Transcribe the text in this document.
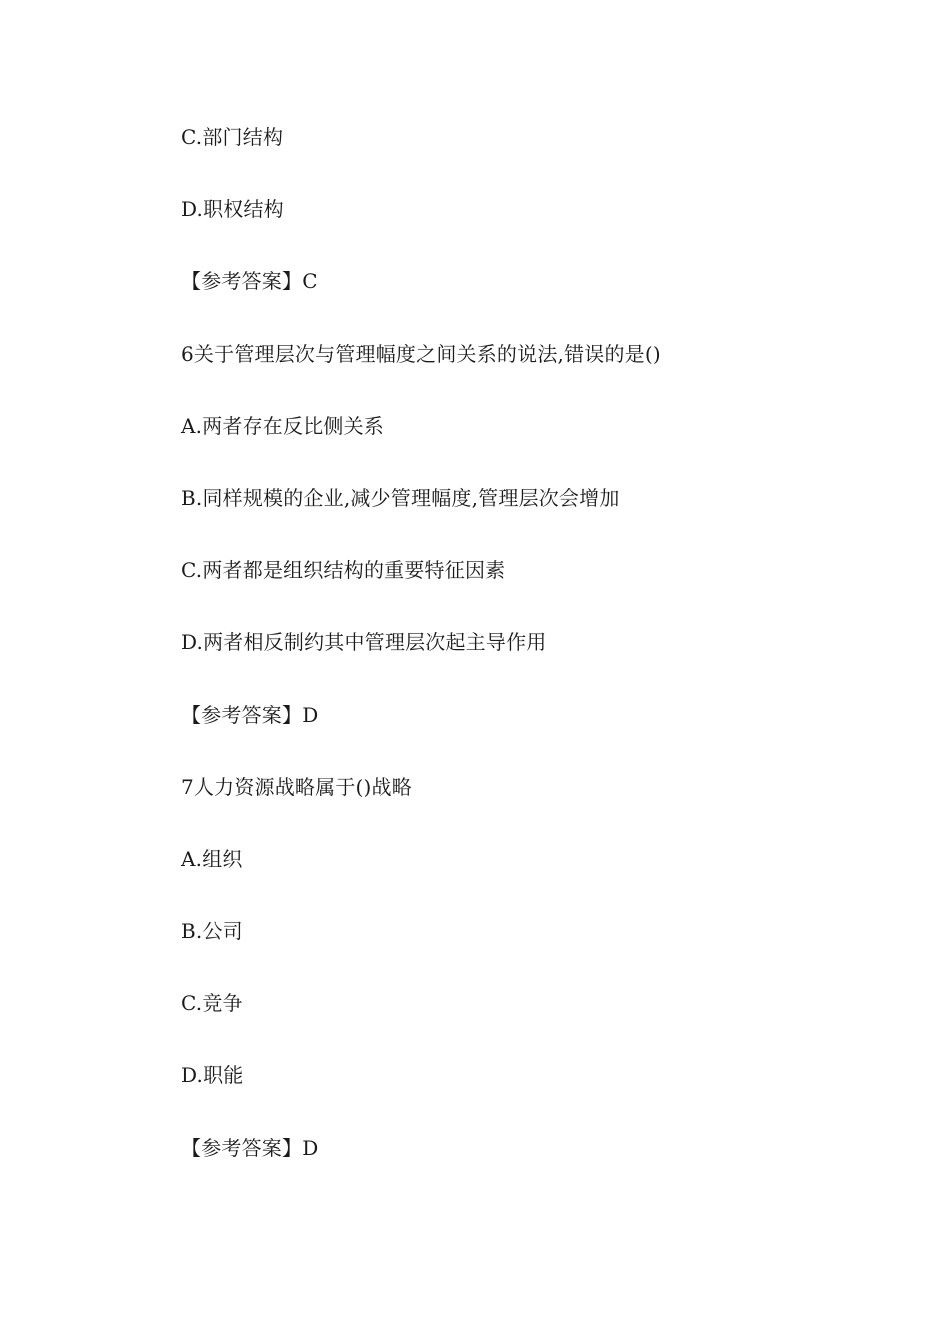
C.部门结构
D.职权结构
【参考答案】C
6关于管理层次与管理幅度之间关系的说法,错误的是()
A.两者存在反比侧关系
B.同样规模的企业,减少管理幅度,管理层次会增加
C.两者都是组织结构的重要特征因素
D.两者相反制约其中管理层次起主导作用
【参考答案】D
7人力资源战略属于()战略
A.组织
B.公司
C.竞争
D.职能
【参考答案】D
